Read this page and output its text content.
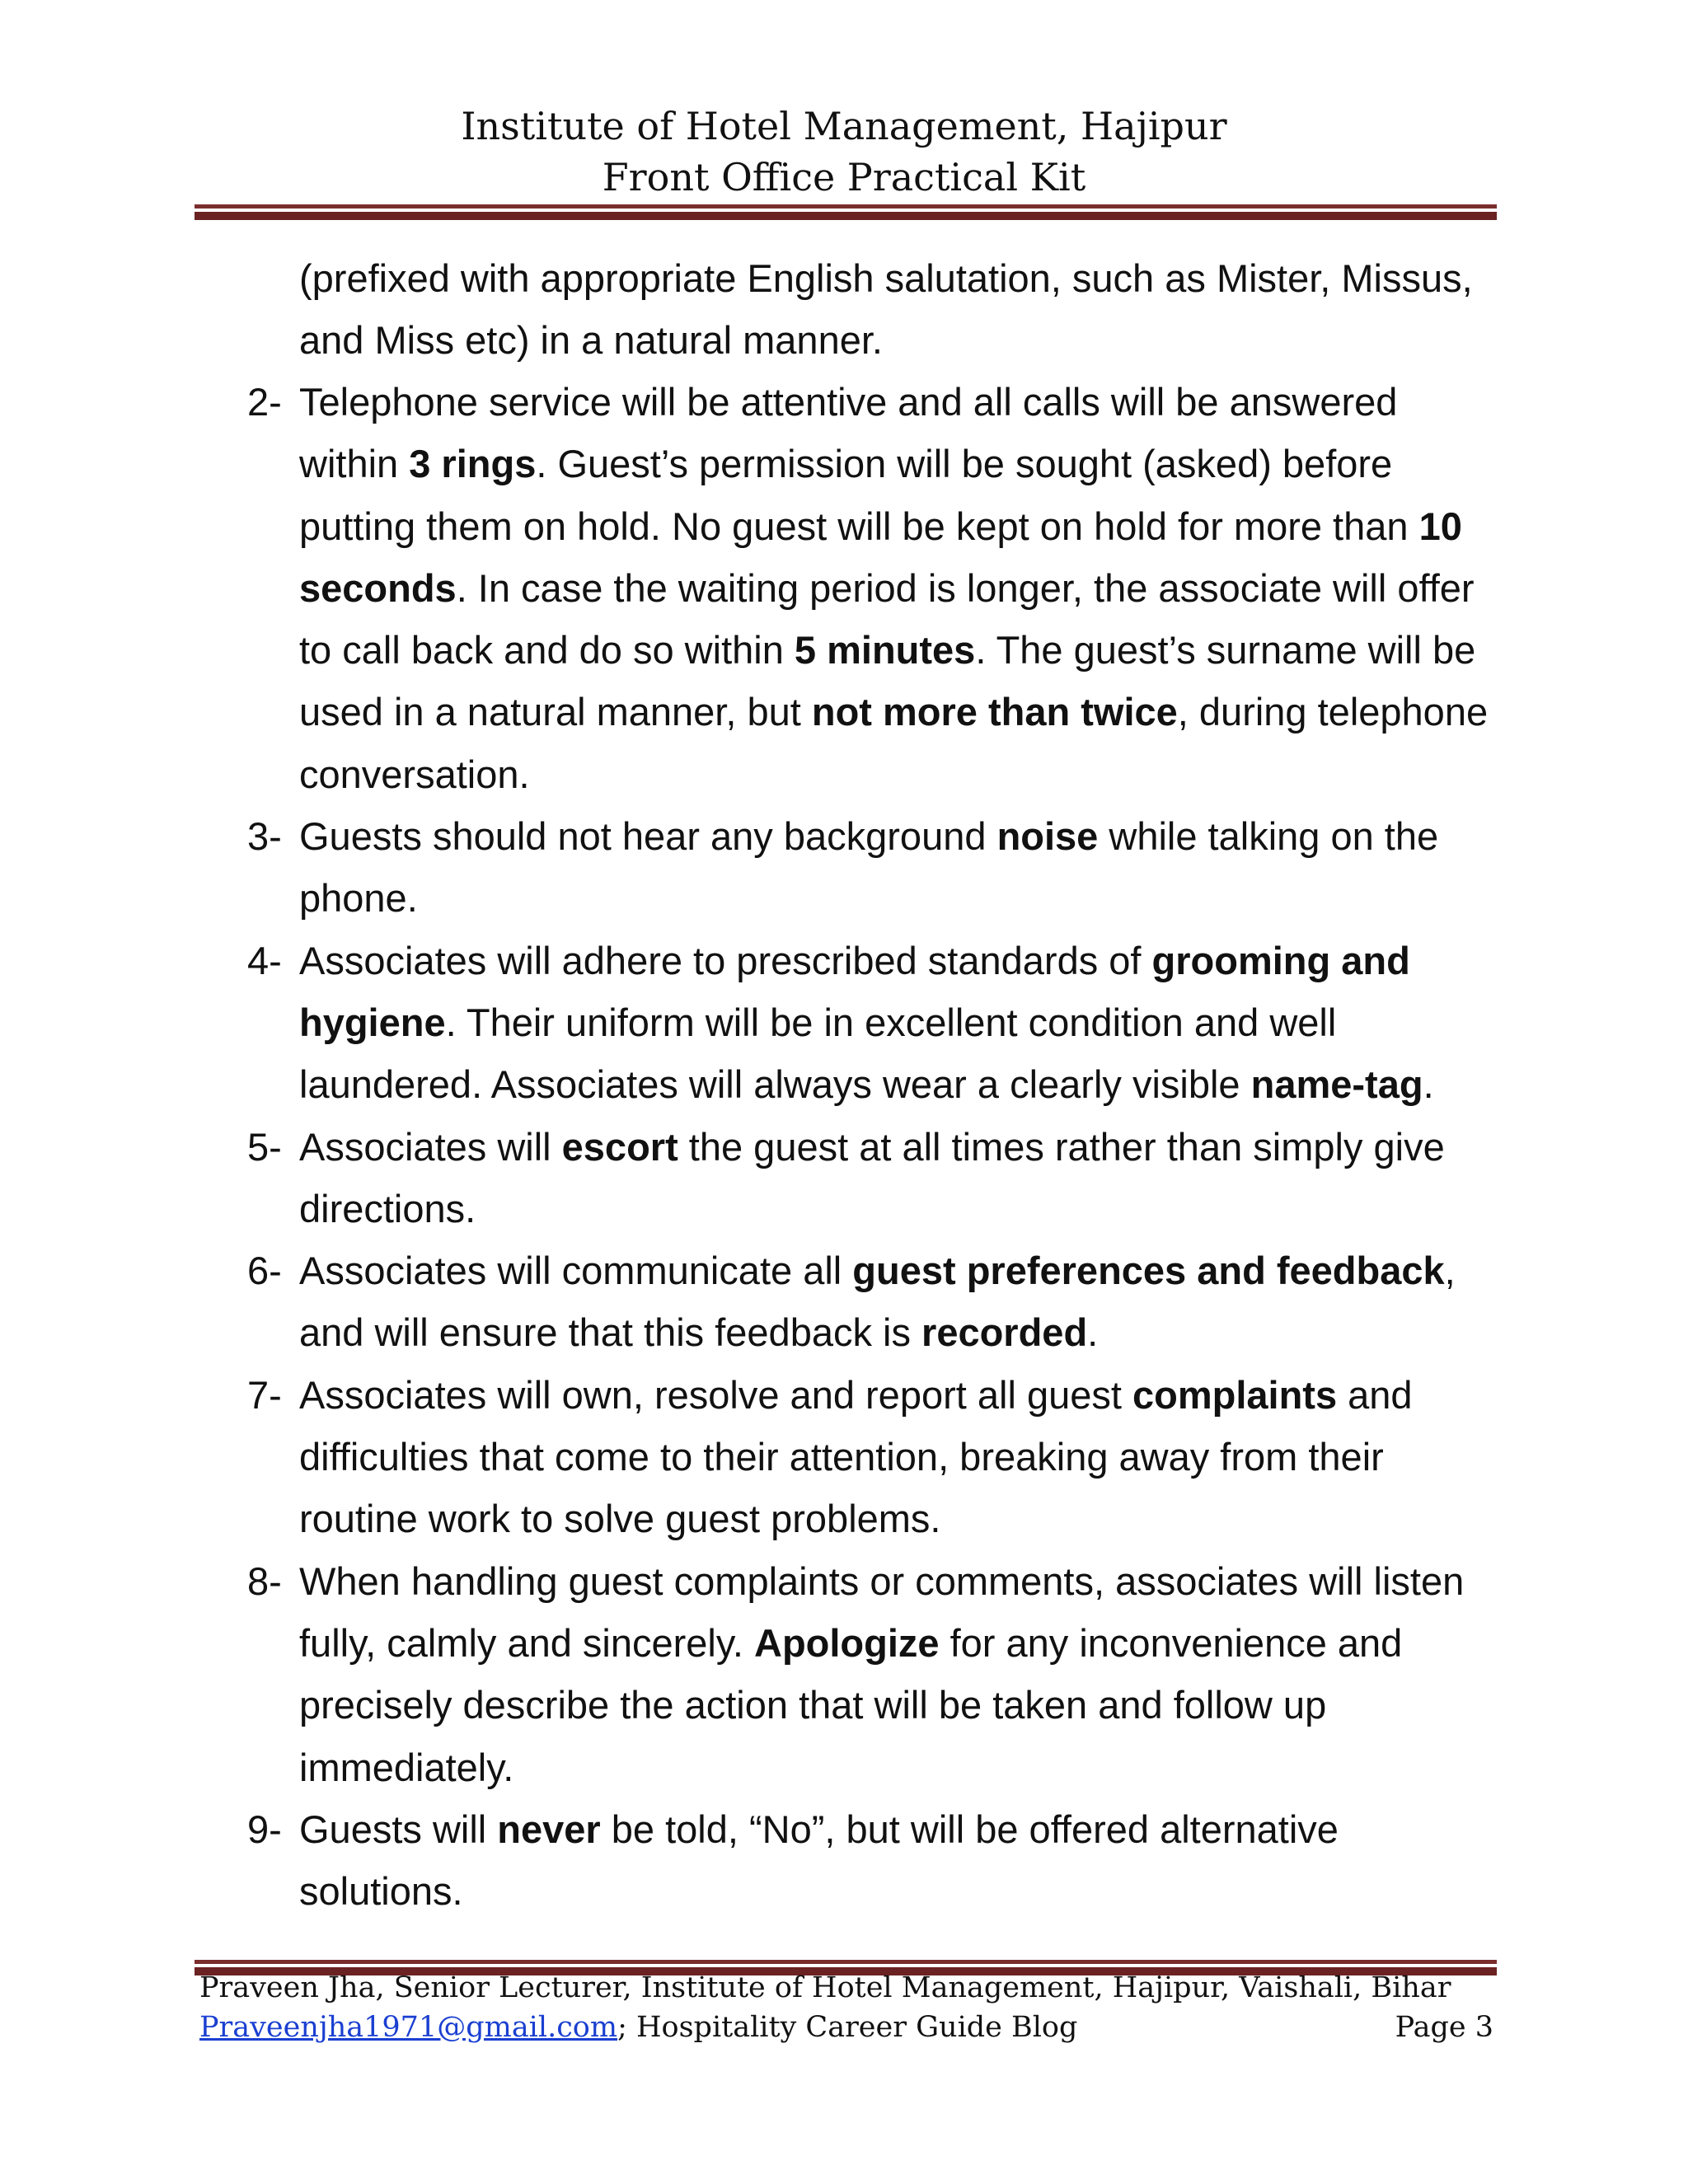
Institute of Hotel Management, Hajipur
Front Office Practical Kit
(prefixed with appropriate English salutation, such as Mister, Missus, and Miss etc) in a natural manner.
2- Telephone service will be attentive and all calls will be answered within 3 rings. Guest’s permission will be sought (asked) before putting them on hold. No guest will be kept on hold for more than 10 seconds. In case the waiting period is longer, the associate will offer to call back and do so within 5 minutes. The guest’s surname will be used in a natural manner, but not more than twice, during telephone conversation.
3- Guests should not hear any background noise while talking on the phone.
4- Associates will adhere to prescribed standards of grooming and hygiene. Their uniform will be in excellent condition and well laundered. Associates will always wear a clearly visible name-tag.
5- Associates will escort the guest at all times rather than simply give directions.
6- Associates will communicate all guest preferences and feedback, and will ensure that this feedback is recorded.
7- Associates will own, resolve and report all guest complaints and difficulties that come to their attention, breaking away from their routine work to solve guest problems.
8- When handling guest complaints or comments, associates will listen fully, calmly and sincerely. Apologize for any inconvenience and precisely describe the action that will be taken and follow up immediately.
9- Guests will never be told, “No”, but will be offered alternative solutions.
Praveen Jha, Senior Lecturer, Institute of Hotel Management, Hajipur, Vaishali, Bihar
Praveenjha1971@gmail.com; Hospitality Career Guide Blog	Page 3
